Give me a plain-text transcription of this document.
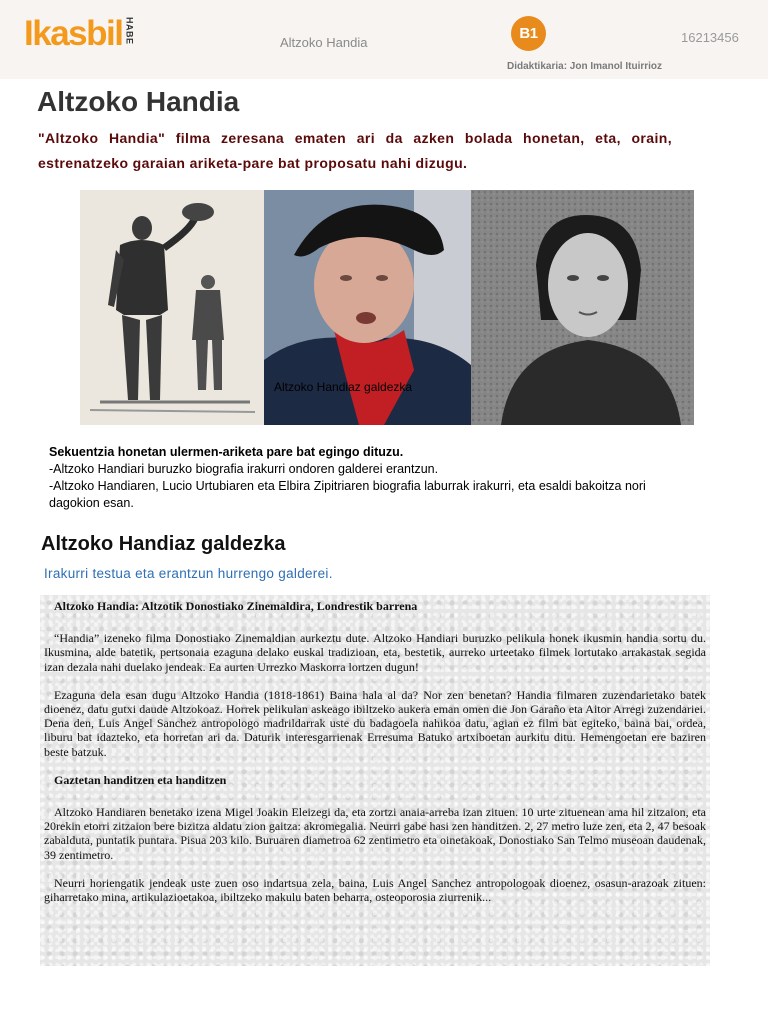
Ikasbil HABE	Altzoko Handia
B1	16213456
Didaktikaria: Jon Imanol Ituirrioz
Altzoko Handia

"Altzoko Handia" filma zeresana ematen ari da azken bolada honetan, eta, orain, estrenatzeko garaian ariketa-pare bat proposatu nahi dizugu.

Altzoko Handiaz galdezka
Sekuentzia honetan ulermen-ariketa pare bat egingo dituzu.
-Altzoko Handiari buruzko biografia irakurri ondoren galderei erantzun.
-Altzoko Handiaren, Lucio Urtubiaren eta Elbira Zipitriaren biografia laburrak irakurri, eta esaldi bakoitza nori dagokion esan.
Altzoko Handiaz galdezka
Irakurri testua eta erantzun hurrengo galderei.

Altzoko Handia: Altzotik Donostiako Zinemaldira, Londrestik barrena

“Handia” izeneko filma Donostiako Zinemaldian aurkeztu dute. Altzoko Handiari buruzko pelikula honek ikusmin handia sortu du. Ikusmina, alde batetik, pertsonaia ezaguna delako euskal tradizioan, eta, bestetik, aurreko urteetako filmek lortutako arrakastak segida izan dezala nahi duelako jendeak. Ea aurten Urrezko Maskorra lortzen dugun!

Ezaguna dela esan dugu Altzoko Handia (1818-1861) Baina hala al da? Nor zen benetan? Handia filmaren zuzendarietako batek dioenez, datu gutxi daude Altzokoaz. Horrek pelikulan askeago ibiltzeko aukera eman omen die Jon Garaño eta Aitor Arregi zuzendariei. Dena den, Luis Angel Sanchez antropologo madrildarrak uste du badagoela nahikoa datu, agian ez film bat egiteko, baina bai, ordea, liburu bat idazteko, eta horretan ari da. Daturik interesgarrienak Erresuma Batuko artxiboetan aurkitu ditu. Hemengoetan ere baziren beste batzuk.

Gaztetan handitzen eta handitzen

Altzoko Handiaren benetako izena Migel Joakin Eleizegi da, eta zortzi anaia-arreba izan zituen. 10 urte zituenean ama hil zitzaion, eta 20rekin etorri zitzaion bere bizitza aldatu zion gaitza: akromegalia. Neurri gabe hasi zen handitzen. 2, 27 metro luze zen, eta 2, 47 besoak zabalduta, puntatik puntara. Pisua 203 kilo. Buruaren diametroa 62 zentimetro eta oinetakoak, Donostiako San Telmo museoan daudenak, 39 zentimetro.

Neurri horiengatik jendeak uste zuen oso indartsua zela, baina, Luis Angel Sanchez antropologoak dioenez, osasun-arazoak zituen: giharretako mina, artikulazioetakoa, ibiltzeko makulu baten beharra, osteoporosia ziurrenik...
